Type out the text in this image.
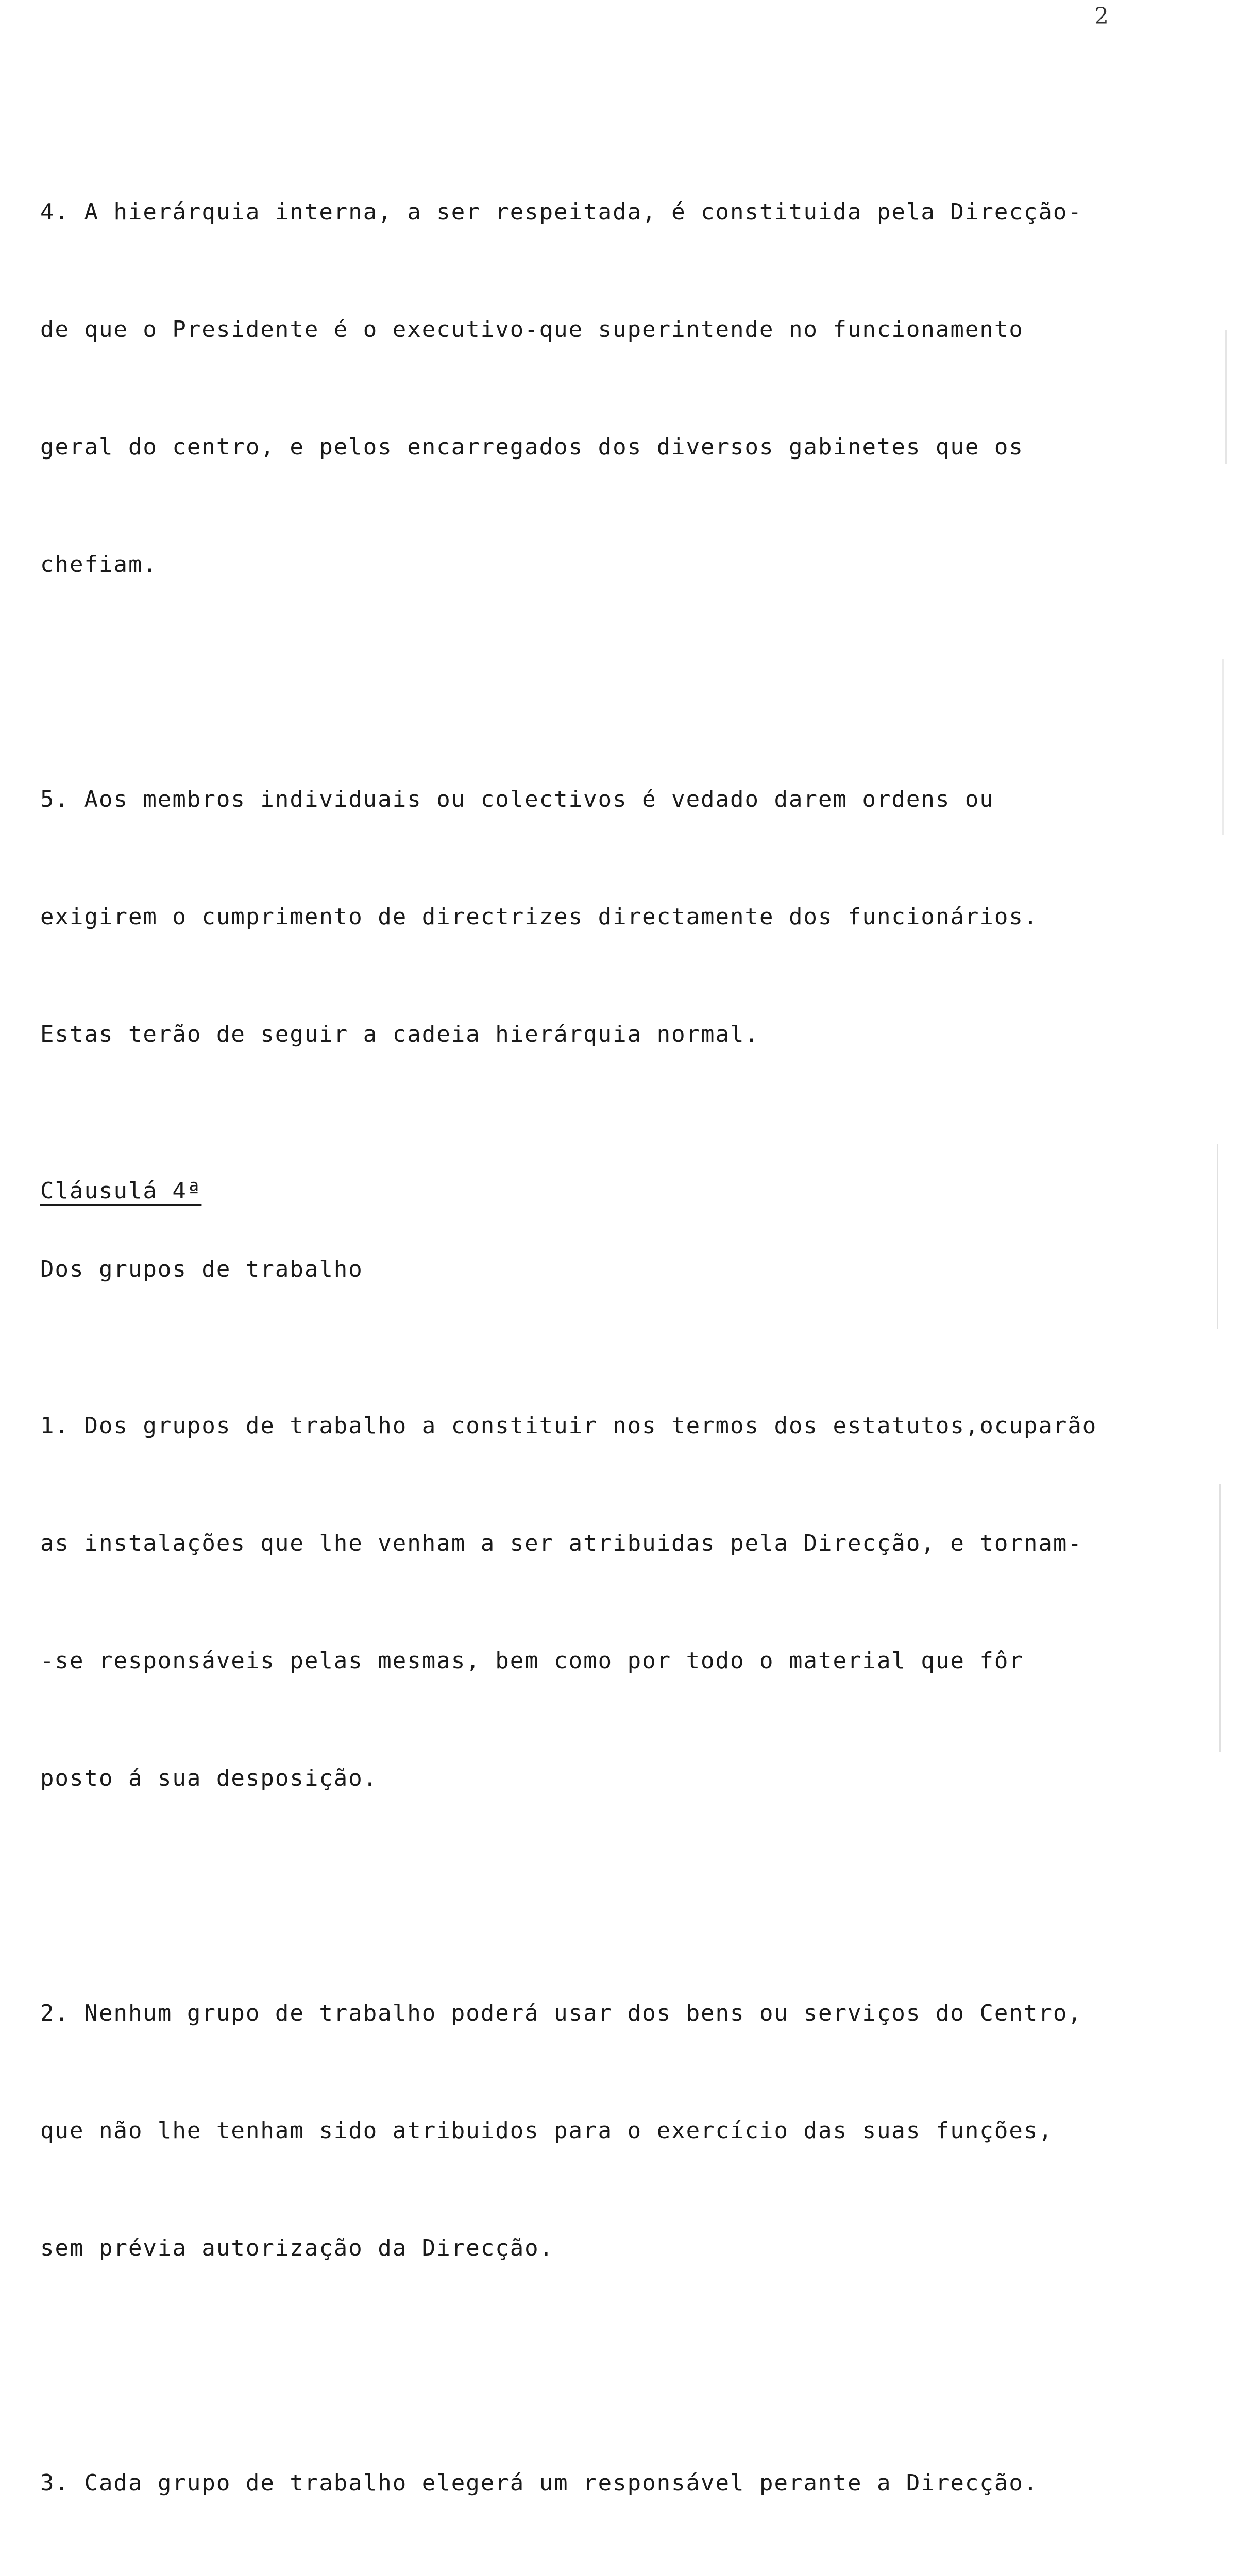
2

4. A hierárquia interna, a ser respeitada, é constituida pela Direcção-

de que o Presidente é o executivo-que superintende no funcionamento

geral do centro, e pelos encarregados dos diversos gabinetes que os

chefiam.

5. Aos membros individuais ou colectivos é vedado darem ordens ou

exigirem o cumprimento de directrizes directamente dos funcionários.

Estas terão de seguir a cadeia hierárquia normal.

Cláusulá 4ª
Dos grupos de trabalho

1. Dos grupos de trabalho a constituir nos termos dos estatutos,ocuparão

as instalações que lhe venham a ser atribuidas pela Direcção, e tornam-

-se responsáveis pelas mesmas, bem como por todo o material que fôr

posto á sua desposição.

2. Nenhum grupo de trabalho poderá usar dos bens ou serviços do Centro,

que não lhe tenham sido atribuidos para o exercício das suas funções,

sem prévia autorização da Direcção.

3. Cada grupo de trabalho elegerá um responsável perante a Direcção.
